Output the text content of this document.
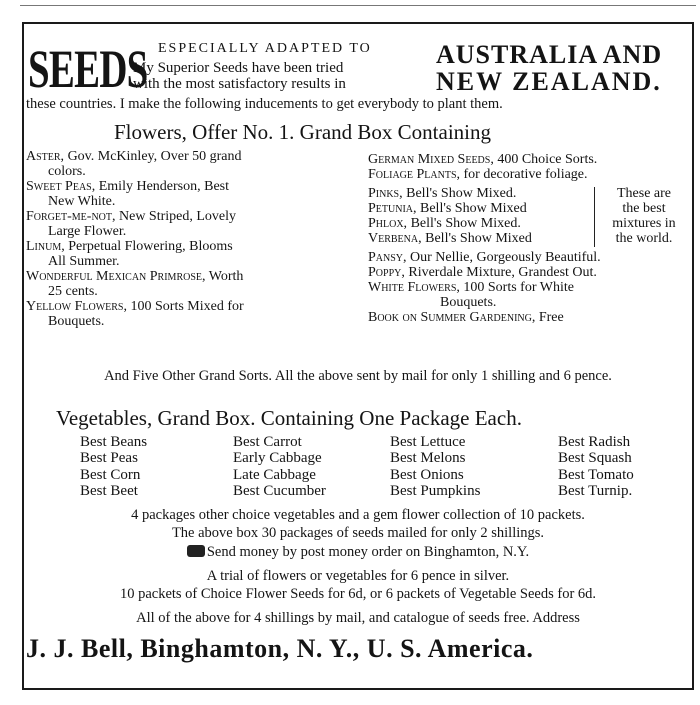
SEEDS ESPECIALLY ADAPTED TO
My Superior Seeds have been tried
with the most satisfactory results in
AUSTRALIA AND
NEW ZEALAND.
these countries. I make the following inducements to get everybody to plant them.
Flowers, Offer No. 1. Grand Box Containing

Aster, Gov. McKinley, Over 50 grand

colors.

Sweet Peas, Emily Henderson, Best

New White.

Forget-me-not, New Striped, Lovely

Large Flower.

Linum, Perpetual Flowering, Blooms

All Summer.

Wonderful Mexican Primrose, Worth

25 cents.

Yellow Flowers, 100 Sorts Mixed for

Bouquets.

German Mixed Seeds, 400 Choice Sorts.

Foliage Plants, for decorative foliage.

Pinks, Bell's Show Mixed.

Petunia, Bell's Show Mixed

Phlox, Bell's Show Mixed.

Verbena, Bell's Show Mixed

These are

the best

mixtures in

the world.

Pansy, Our Nellie, Gorgeously Beautiful.

Poppy, Riverdale Mixture, Grandest Out.

White Flowers, 100 Sorts for White

Bouquets.

Book on Summer Gardening, Free

And Five Other Grand Sorts. All the above sent by mail for only 1 shilling and 6 pence.
Vegetables, Grand Box. Containing One Package Each.
Best Beans
Best Peas
Best Corn
Best Beet
Best Carrot
Early Cabbage
Late Cabbage
Best Cucumber
Best Lettuce
Best Melons
Best Onions
Best Pumpkins
Best Radish
Best Squash
Best Tomato
Best Turnip.
4 packages other choice vegetables and a gem flower collection of 10 packets.
The above box 30 packages of seeds mailed for only 2 shillings.
Send money by post money order on Binghamton, N.Y.
A trial of flowers or vegetables for 6 pence in silver.
10 packets of Choice Flower Seeds for 6d, or 6 packets of Vegetable Seeds for 6d.
All of the above for 4 shillings by mail, and catalogue of seeds free. Address
J. J. Bell, Binghamton, N. Y., U. S. America.
